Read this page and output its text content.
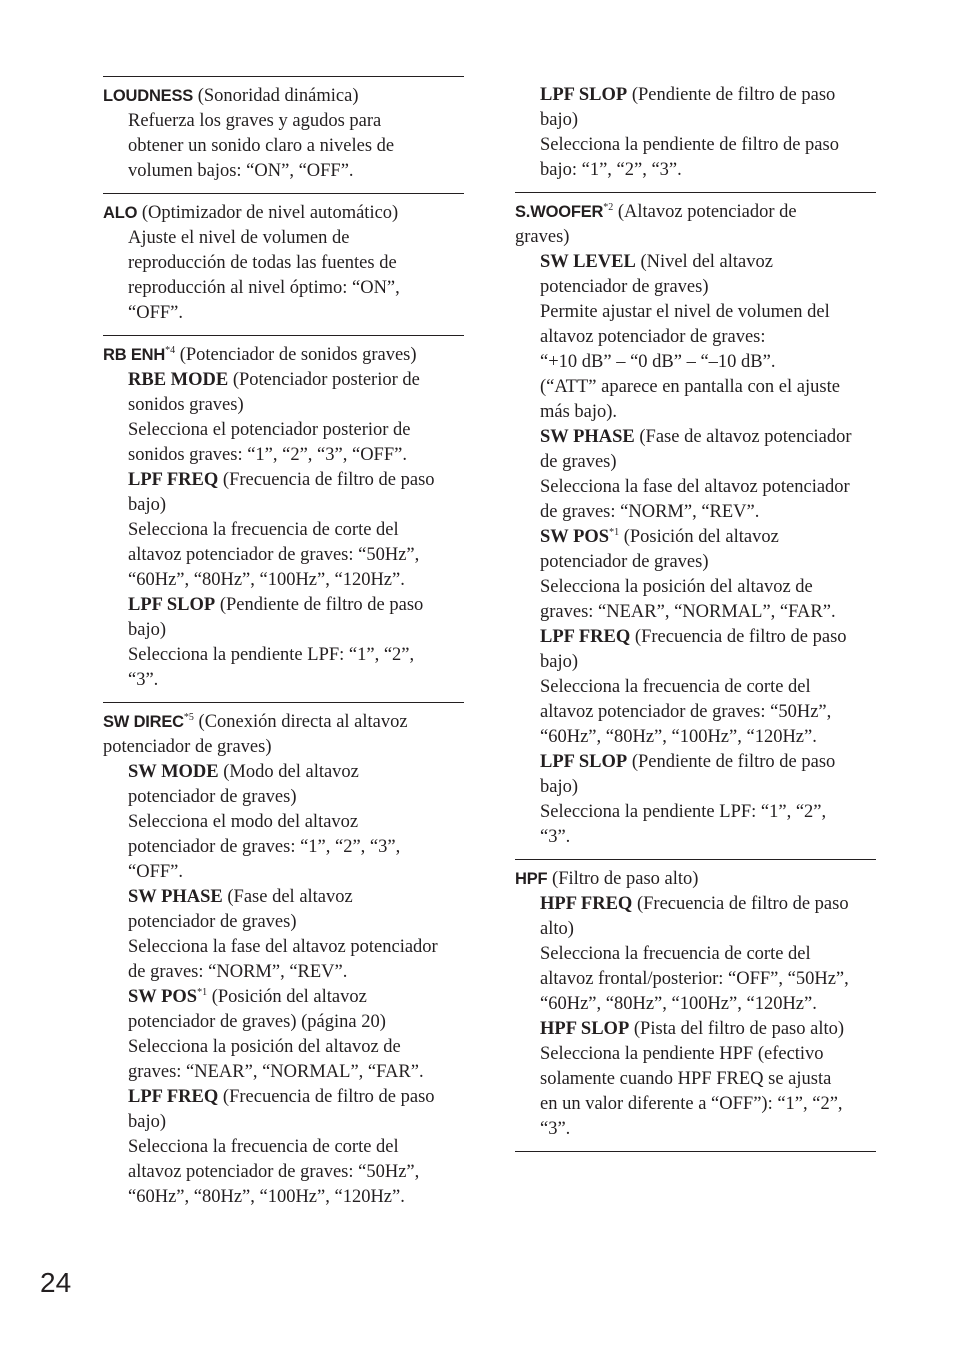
LOUDNESS (Sonoridad dinámica)
Refuerza los graves y agudos para
obtener un sonido claro a niveles de
volumen bajos: “ON”, “OFF”.
ALO (Optimizador de nivel automático)
Ajuste el nivel de volumen de
reproducción de todas las fuentes de
reproducción al nivel óptimo: “ON”,
“OFF”.
RB ENH$^{*4}$ (Potenciador de sonidos graves)
RBE MODE (Potenciador posterior de
sonidos graves)
Selecciona el potenciador posterior de
sonidos graves: “1”, “2”, “3”, “OFF”.
LPF FREQ (Frecuencia de filtro de paso
bajo)
Selecciona la frecuencia de corte del
altavoz potenciador de graves: “50Hz”,
“60Hz”, “80Hz”, “100Hz”, “120Hz”.
LPF SLOP (Pendiente de filtro de paso
bajo)
Selecciona la pendiente LPF: “1”, “2”,
“3”.
SW DIREC$^{*5}$ (Conexión directa al altavoz
potenciador de graves)
SW MODE (Modo del altavoz
potenciador de graves)
Selecciona el modo del altavoz
potenciador de graves: “1”, “2”, “3”,
“OFF”.
SW PHASE (Fase del altavoz
potenciador de graves)
Selecciona la fase del altavoz potenciador
de graves: “NORM”, “REV”.
SW POS$^{*1}$ (Posición del altavoz
potenciador de graves) (página 20)
Selecciona la posición del altavoz de
graves: “NEAR”, “NORMAL”, “FAR”.
LPF FREQ (Frecuencia de filtro de paso
bajo)
Selecciona la frecuencia de corte del
altavoz potenciador de graves: “50Hz”,
“60Hz”, “80Hz”, “100Hz”, “120Hz”.
LPF SLOP (Pendiente de filtro de paso
bajo)
Selecciona la pendiente de filtro de paso
bajo: “1”, “2”, “3”.
S.WOOFER$^{*2}$ (Altavoz potenciador de
graves)
SW LEVEL (Nivel del altavoz
potenciador de graves)
Permite ajustar el nivel de volumen del
altavoz potenciador de graves:
“+10 dB” – “0 dB” – “–10 dB”.
(“ATT” aparece en pantalla con el ajuste
más bajo).
SW PHASE (Fase de altavoz potenciador
de graves)
Selecciona la fase del altavoz potenciador
de graves: “NORM”, “REV”.
SW POS$^{*1}$ (Posición del altavoz
potenciador de graves)
Selecciona la posición del altavoz de
graves: “NEAR”, “NORMAL”, “FAR”.
LPF FREQ (Frecuencia de filtro de paso
bajo)
Selecciona la frecuencia de corte del
altavoz potenciador de graves: “50Hz”,
“60Hz”, “80Hz”, “100Hz”, “120Hz”.
LPF SLOP (Pendiente de filtro de paso
bajo)
Selecciona la pendiente LPF: “1”, “2”,
“3”.
HPF (Filtro de paso alto)
HPF FREQ (Frecuencia de filtro de paso
alto)
Selecciona la frecuencia de corte del
altavoz frontal/posterior: “OFF”, “50Hz”,
“60Hz”, “80Hz”, “100Hz”, “120Hz”.
HPF SLOP (Pista del filtro de paso alto)
Selecciona la pendiente HPF (efectivo
solamente cuando HPF FREQ se ajusta
en un valor diferente a “OFF”): “1”, “2”,
“3”.
24
